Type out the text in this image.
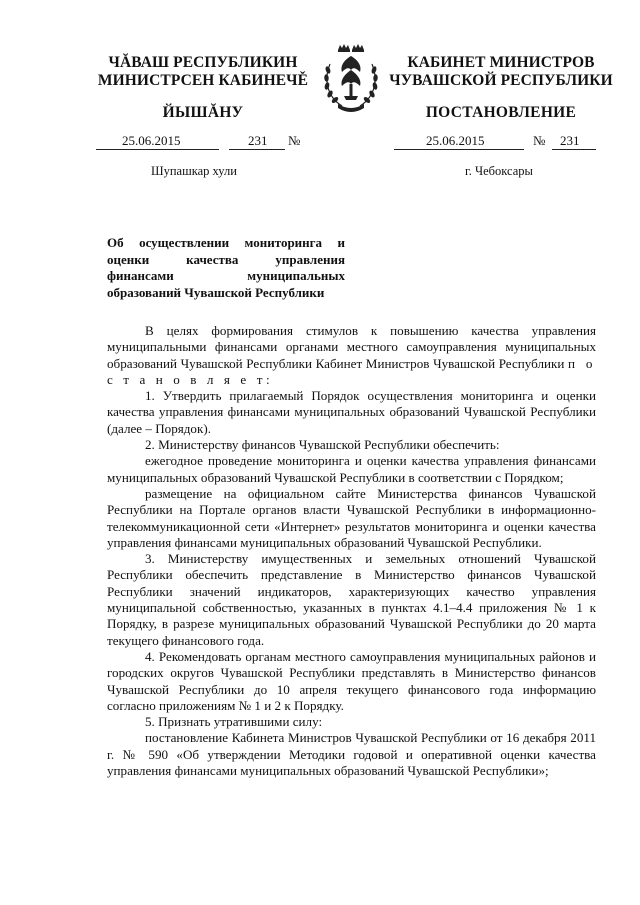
ЧĂВАШ РЕСПУБЛИКИН
МИНИСТРСЕН КАБИНЕЧĚ
ЙЫШĂНУ
КАБИНЕТ МИНИСТРОВ
ЧУВАШСКОЙ РЕСПУБЛИКИ
ПОСТАНОВЛЕНИЕ
25.06.2015	231 №	25.06.2015	№ 231
Шупашкар хули	г. Чебоксары
Об осуществлении мониторинга и оценки качества управления финансами муниципальных образований Чувашской Республики

В целях формирования стимулов к повышению качества управления муниципальными финансами органами местного самоуправления муниципальных образований Чувашской Республики Кабинет Министров Чувашской Республики п о с т а н о в л я е т:

1. Утвердить прилагаемый Порядок осуществления мониторинга и оценки качества управления финансами муниципальных образований Чувашской Республики (далее – Порядок).

2. Министерству финансов Чувашской Республики обеспечить:

ежегодное проведение мониторинга и оценки качества управления финансами муниципальных образований Чувашской Республики в соответствии с Порядком;

размещение на официальном сайте Министерства финансов Чувашской Республики на Портале органов власти Чувашской Республики в информационно-телекоммуникационной сети «Интернет» результатов мониторинга и оценки качества управления финансами муниципальных образований Чувашской Республики.

3. Министерству имущественных и земельных отношений Чувашской Республики обеспечить представление в Министерство финансов Чувашской Республики значений индикаторов, характеризующих качество управления муниципальной собственностью, указанных в пунктах 4.1–4.4 приложения № 1 к Порядку, в разрезе муниципальных образований Чувашской Республики до 20 марта текущего финансового года.

4. Рекомендовать органам местного самоуправления муниципальных районов и городских округов Чувашской Республики представлять в Министерство финансов Чувашской Республики до 10 апреля текущего финансового года информацию согласно приложениям № 1 и 2 к Порядку.

5. Признать утратившими силу:

постановление Кабинета Министров Чувашской Республики от 16 декабря 2011 г. № 590 «Об утверждении Методики годовой и оперативной оценки качества управления финансами муниципальных образований Чувашской Республики»;
